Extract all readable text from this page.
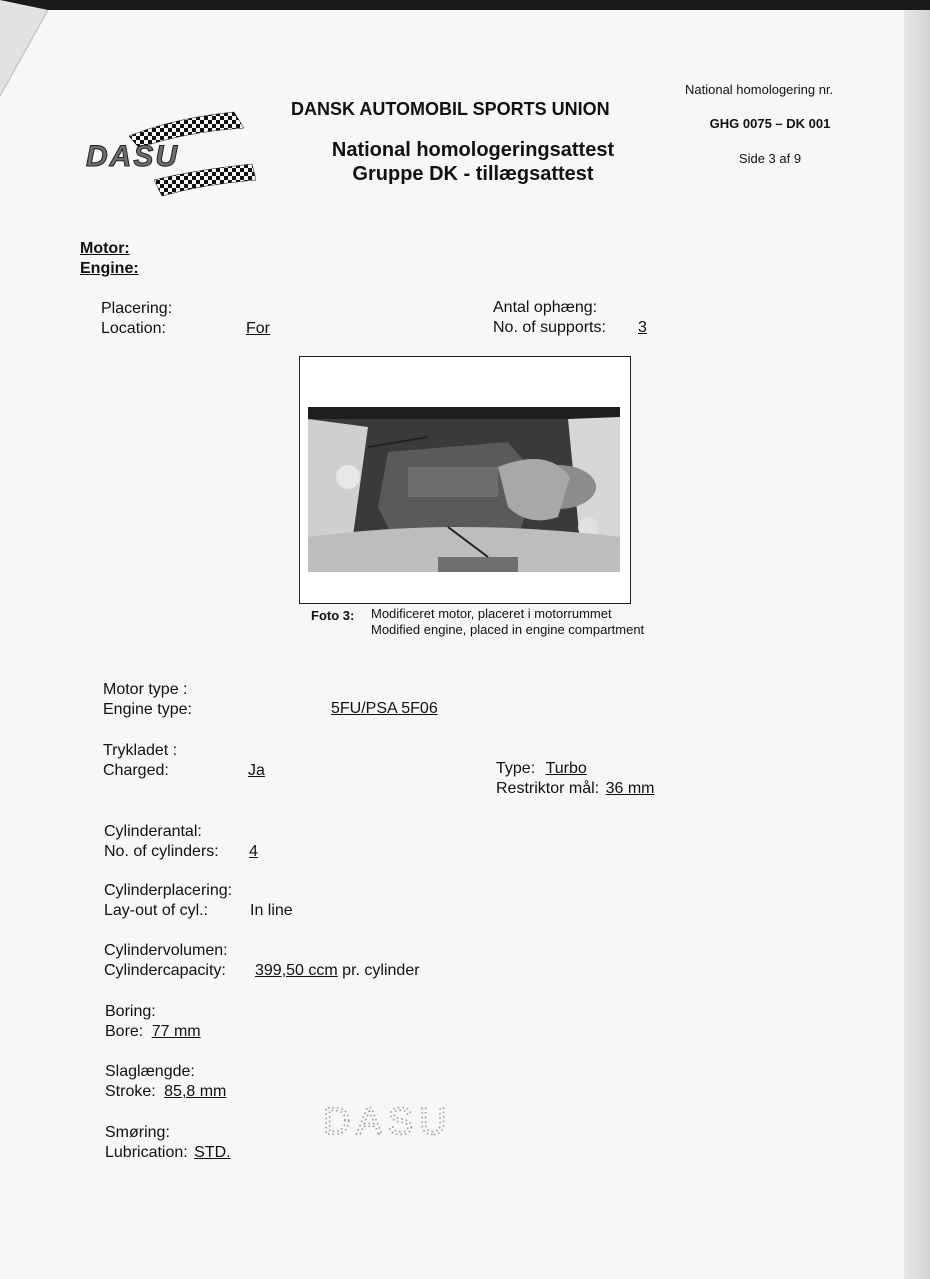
DASU
DANSK AUTOMOBIL SPORTS UNION
National homologeringsattest
Gruppe DK - tillægsattest
National homologering nr.
GHG 0075 – DK 001
Side 3 af 9
Motor:
Engine:
Placering:
Location:	For
Antal ophæng:
No. of supports: 3
Foto 3: Modificeret motor, placeret i motorrummet
Modified engine, placed in engine compartment
Motor type :
Engine type:	5FU/PSA 5F06
Trykladet :
Charged:	Ja	Type: Turbo
Restriktor mål: 36 mm
Cylinderantal:
No. of cylinders: 4
Cylinderplacering:
Lay-out of cyl.:	In line
Cylindervolumen:
Cylindercapacity: 399,50 ccm pr. cylinder
Boring:
Bore: 77 mm
Slaglængde:
Stroke: 85,8 mm
Smøring:
Lubrication: STD.
DASU
